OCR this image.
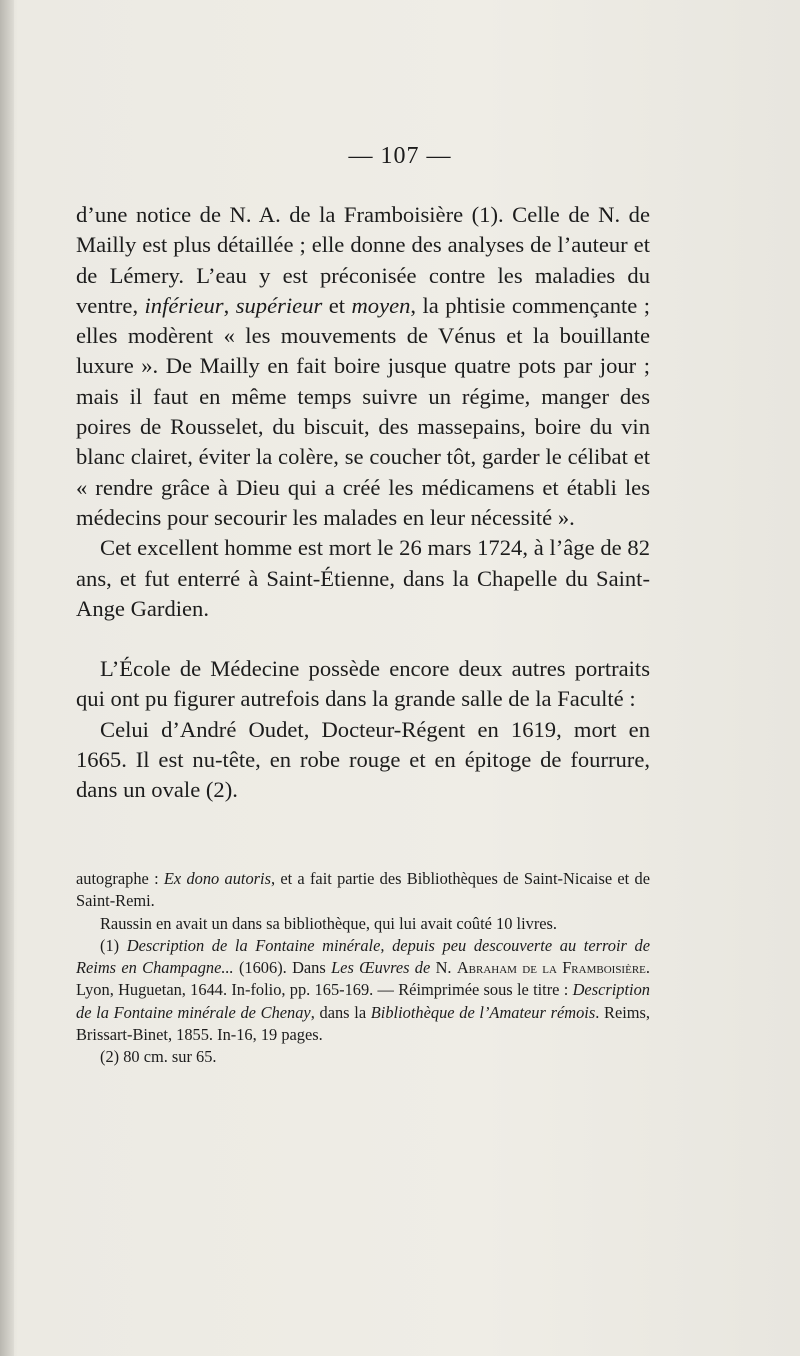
— 107 —

d’une notice de N. A. de la Framboisière (1). Celle de N. de Mailly est plus détaillée ; elle donne des analyses de l’auteur et de Lémery. L’eau y est préconisée contre les maladies du ventre, inférieur, supérieur et moyen, la phtisie commençante ; elles modèrent « les mouvements de Vénus et la bouillante luxure ». De Mailly en fait boire jusque quatre pots par jour ; mais il faut en même temps suivre un régime, manger des poires de Rousselet, du biscuit, des massepains, boire du vin blanc clairet, éviter la colère, se coucher tôt, garder le célibat et « rendre grâce à Dieu qui a créé les médicamens et établi les médecins pour secourir les malades en leur nécessité ».

Cet excellent homme est mort le 26 mars 1724, à l’âge de 82 ans, et fut enterré à Saint-Étienne, dans la Chapelle du Saint-Ange Gardien.

L’École de Médecine possède encore deux autres portraits qui ont pu figurer autrefois dans la grande salle de la Faculté :

Celui d’André Oudet, Docteur-Régent en 1619, mort en 1665. Il est nu-tête, en robe rouge et en épitoge de fourrure, dans un ovale (2).

autographe : Ex dono autoris, et a fait partie des Bibliothèques de Saint-Nicaise et de Saint-Remi.

Raussin en avait un dans sa bibliothèque, qui lui avait coûté 10 livres.

(1) Description de la Fontaine minérale, depuis peu descouverte au terroir de Reims en Champagne... (1606). Dans Les Œuvres de N. Abraham de la Framboisière. Lyon, Huguetan, 1644. In-folio, pp. 165-169. — Réimprimée sous le titre : Description de la Fontaine minérale de Chenay, dans la Bibliothèque de l’Amateur rémois. Reims, Brissart-Binet, 1855. In-16, 19 pages.

(2) 80 cm. sur 65.
